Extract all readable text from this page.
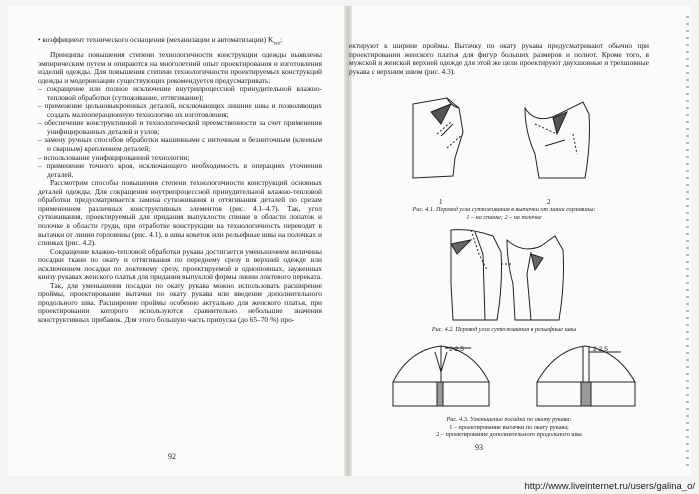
• коэффициент технического оснащения (механизации и автоматизации) $K_{тех}$;

Принципы повышения степени технологичности конструкции одежды выявлены эмпирическим путем и опираются на многолетний опыт проектирования и изготовления изделий одежды. Для повышения степени технологичности проектируемых конструкций одежды и модернизации существующих рекомендуется предусматривать:

– сокращение или полное исключение внутрипроцессной принудительной влажно-тепловой обработки (сутюживание, оттягивание);

– применение цельновыкроенных деталей, исключающих лишние швы и позволяющих создать малооперационную технологию их изготовления;

– обеспечение конструктивной и технологической преемственности за счет применения унифицированных деталей и узлов;

– замену ручных способов обработки машинными с ниточным и безниточным (клеевым и сварным) креплением деталей;

– использование унифицированной технологии;

– применение точного кроя, исключающего необходимость в операциях уточнения деталей.

Рассмотрим способы повышения степени технологичности конструкций основных деталей одежды. Для сокращения внутрипроцессной принудительной влажно-тепловой обработки предусматривается замена сутюживания и оттягивания деталей по срезам применением различных конструктивных элементов (рис. 4.1–4.7). Так, угол сутюживания, проектируемый для придания выпуклости спинке в области лопаток и полочке в области груди, при отработке конструкции на технологичность переводят в вытачки от линии горловины (рис. 4.1), в швы кокеток или рельефные швы на полочках и спинках (рис. 4.2).

Сокращение влажно-тепловой обработки рукава достигается уменьшением величины посадки ткани по окату и оттягивания по переднему срезу в верхней одежде или исключением посадки по локтевому срезу, проектируемой в одношовных, зауженных книзу рукавах женского платья для придания выпуклой формы линии локтевого переката.

Так, для уменьшения посадки по окату рукава можно использовать расширение проймы, проектирование вытачки по окату рукава или введение дополнительного продольного шва. Расширение проймы особенно актуально для женского платья, при проектировании которого используются сравнительно небольшие значения конструктивных прибавок. Для этого большую часть припуска (до 65–70 %) про-

92

ектируют к ширине проймы. Вытачку по окату рукава предусматривают обычно при проектировании женского платья для фигур больших размеров и полнот. Кроме того, в мужской и женской верхней одежде для этой же цели проектируют двухшовные и трехшовные рукава с верхним швом (рис. 4.3).

1	2
Рис. 4.1. Перевод угла сутюживания в вытачки от линии горловины:
1 – на спинке; 2 – на полочке
Рис. 4.2. Перевод угла сутюживания в рельефные швы
2-2,5	2-2,5
Рис. 4.3. Уменьшение посадки по окату рукава:
1 – проектирование вытачки по окату рукава;
2 – проектирование дополнительного продольного шва
93
http://www.liveinternet.ru/users/galina_o/
